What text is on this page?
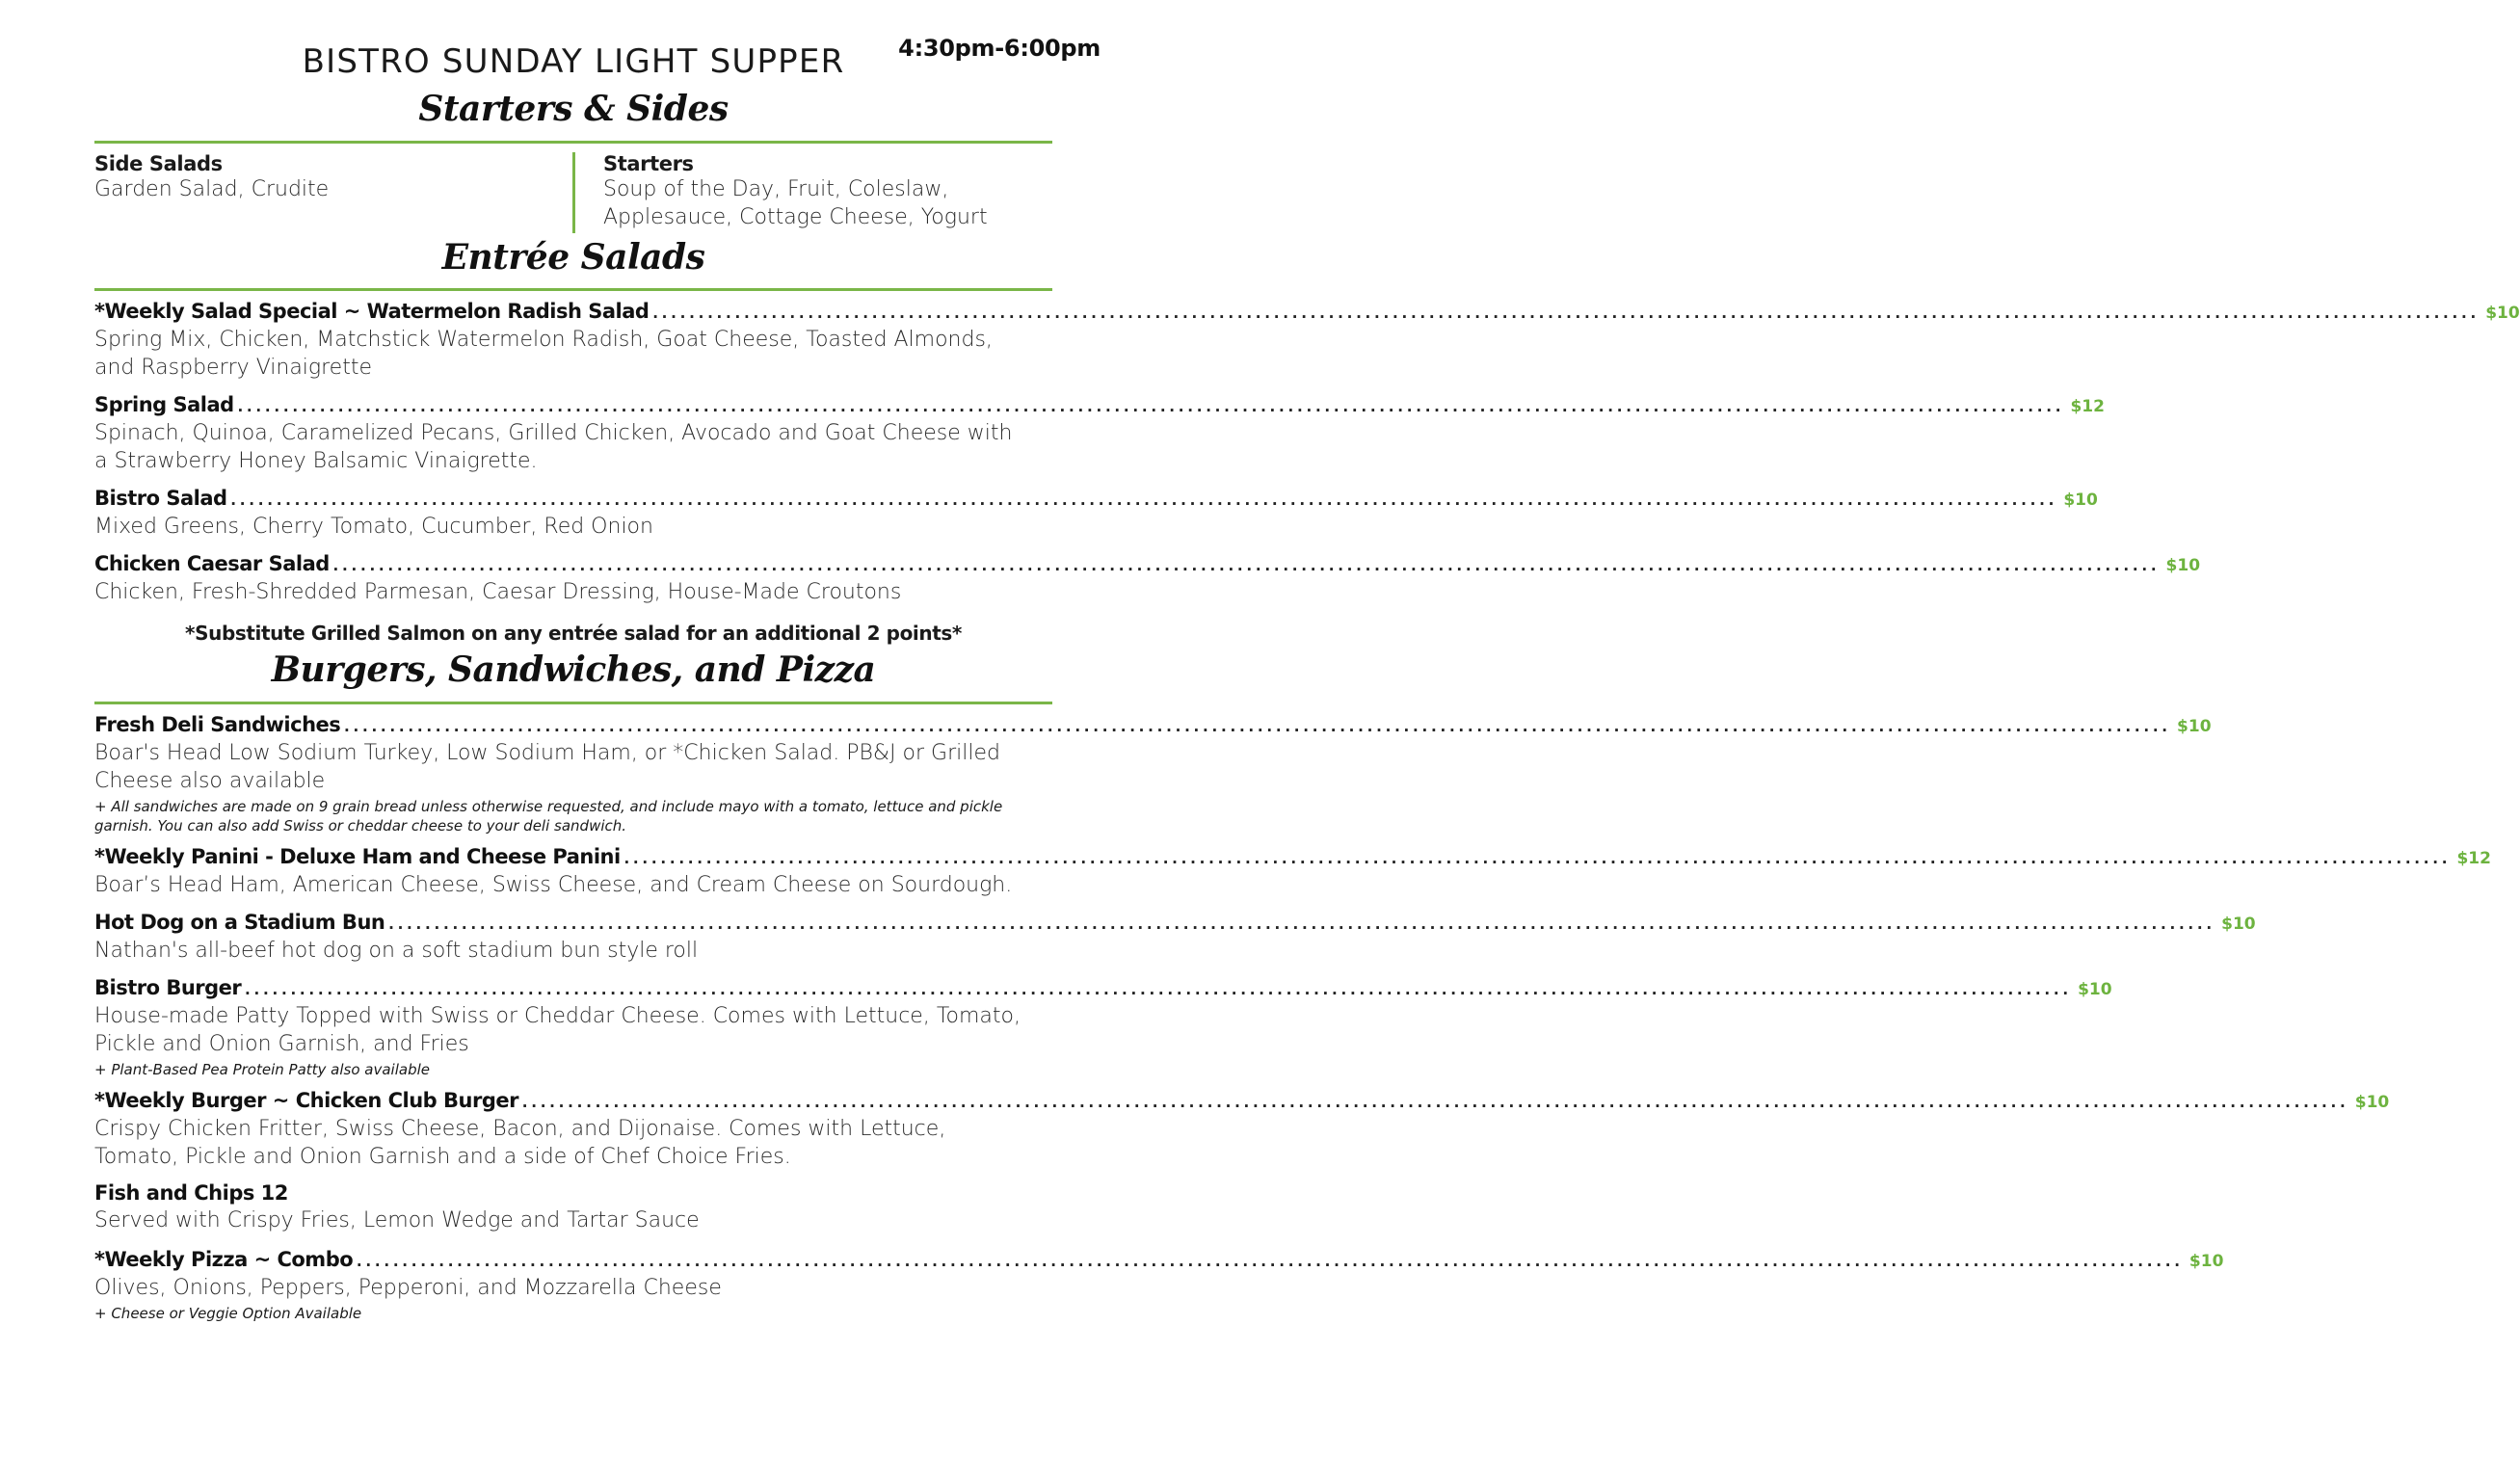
BISTRO SUNDAY LIGHT SUPPER	4:30pm-6:00pm
Starters & Sides
Side Salads
Garden Salad, Crudite
Starters
Soup of the Day, Fruit, Coleslaw,
Applesauce, Cottage Cheese, Yogurt
Entrée Salads
*Weekly Salad Special ~ Watermelon Radish Salad ........................................................................................................................................................................................................ $10
Spring Mix, Chicken, Matchstick Watermelon Radish, Goat Cheese, Toasted Almonds, and Raspberry Vinaigrette
Spring Salad ........................................................................................................................................................................................................ $12
Spinach, Quinoa, Caramelized Pecans, Grilled Chicken, Avocado and Goat Cheese with a Strawberry Honey Balsamic Vinaigrette.
Bistro Salad ........................................................................................................................................................................................................ $10
Mixed Greens, Cherry Tomato, Cucumber, Red Onion
Chicken Caesar Salad ........................................................................................................................................................................................................ $10
Chicken, Fresh-Shredded Parmesan, Caesar Dressing, House-Made Croutons
*Substitute Grilled Salmon on any entrée salad for an additional 2 points*
Burgers, Sandwiches, and Pizza
Fresh Deli Sandwiches ........................................................................................................................................................................................................ $10
Boar's Head Low Sodium Turkey, Low Sodium Ham, or *Chicken Salad. PB&J or Grilled Cheese also available
+ All sandwiches are made on 9 grain bread unless otherwise requested, and include mayo with a tomato, lettuce and pickle garnish. You can also add Swiss or cheddar cheese to your deli sandwich.
*Weekly Panini - Deluxe Ham and Cheese Panini ........................................................................................................................................................................................................ $12
Boar’s Head Ham, American Cheese, Swiss Cheese, and Cream Cheese on Sourdough.
Hot Dog on a Stadium Bun ........................................................................................................................................................................................................ $10
Nathan's all-beef hot dog on a soft stadium bun style roll
Bistro Burger ........................................................................................................................................................................................................ $10
House-made Patty Topped with Swiss or Cheddar Cheese. Comes with Lettuce, Tomato, Pickle and Onion Garnish, and Fries
+ Plant-Based Pea Protein Patty also available
*Weekly Burger ~ Chicken Club Burger ........................................................................................................................................................................................................ $10
Crispy Chicken Fritter, Swiss Cheese, Bacon, and Dijonaise. Comes with Lettuce, Tomato, Pickle and Onion Garnish and a side of Chef Choice Fries.
Fish and Chips 12
Served with Crispy Fries, Lemon Wedge and Tartar Sauce
*Weekly Pizza ~ Combo ........................................................................................................................................................................................................ $10
Olives, Onions, Peppers, Pepperoni, and Mozzarella Cheese
+ Cheese or Veggie Option Available
